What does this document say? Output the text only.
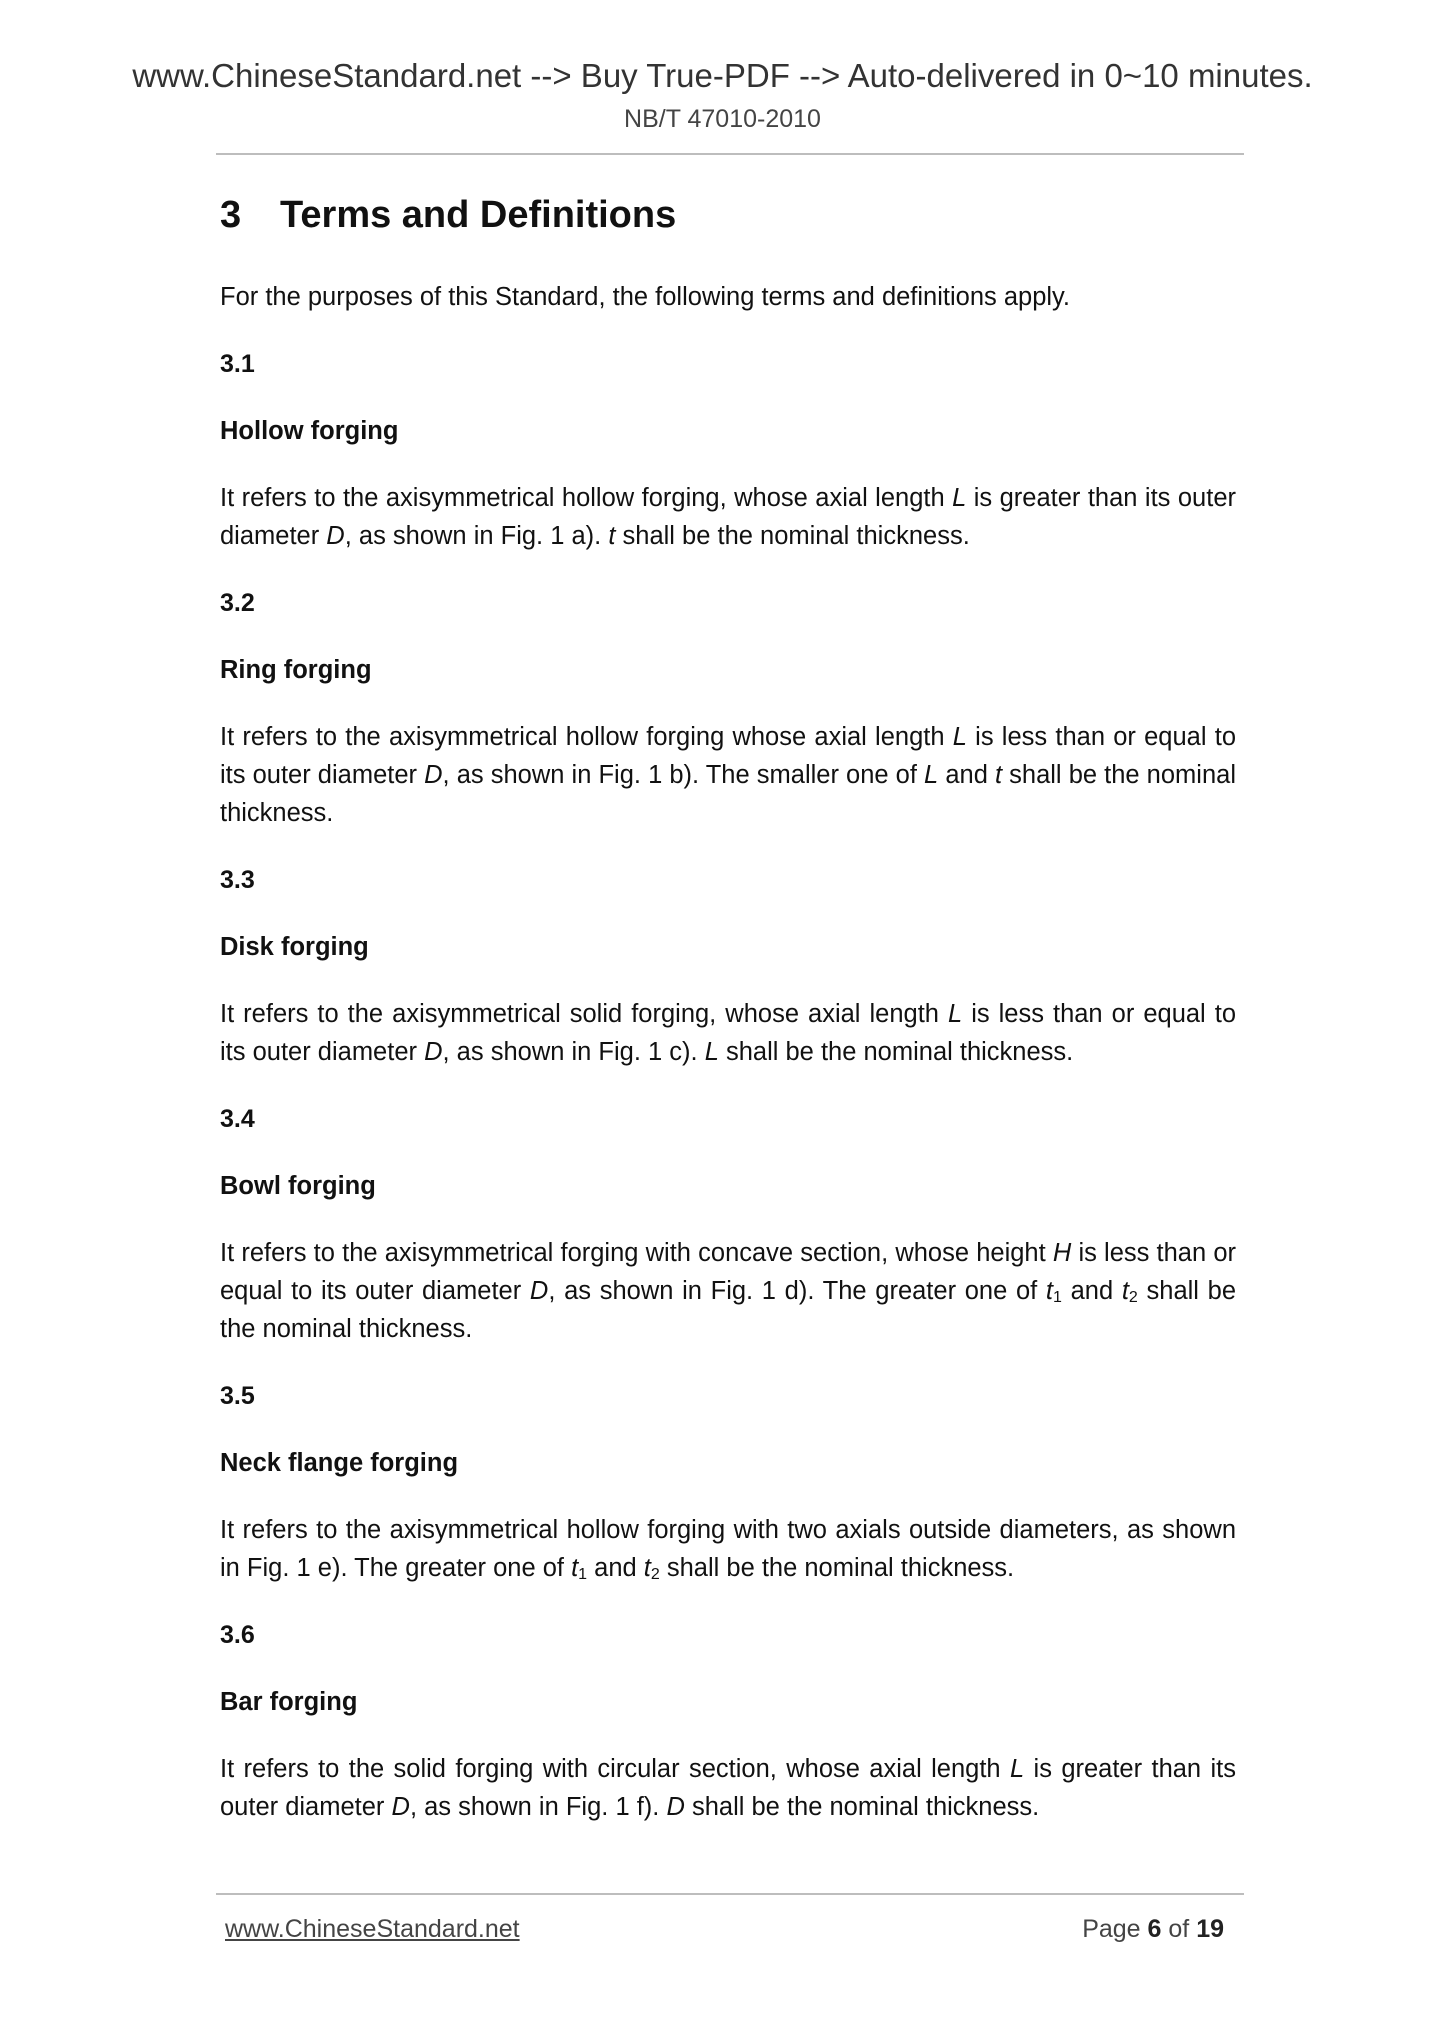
www.ChineseStandard.net --> Buy True-PDF --> Auto-delivered in 0~10 minutes.
NB/T 47010-2010
3 Terms and Definitions

For the purposes of this Standard, the following terms and definitions apply.

3.1
Hollow forging

It refers to the axisymmetrical hollow forging, whose axial length L is greater than its outer diameter D, as shown in Fig. 1 a). t shall be the nominal thickness.

3.2
Ring forging

It refers to the axisymmetrical hollow forging whose axial length L is less than or equal to its outer diameter D, as shown in Fig. 1 b). The smaller one of L and t shall be the nominal thickness.

3.3
Disk forging

It refers to the axisymmetrical solid forging, whose axial length L is less than or equal to its outer diameter D, as shown in Fig. 1 c). L shall be the nominal thickness.

3.4
Bowl forging

It refers to the axisymmetrical forging with concave section, whose height H is less than or equal to its outer diameter D, as shown in Fig. 1 d). The greater one of $t_1$ and $t_2$ shall be the nominal thickness.

3.5
Neck flange forging

It refers to the axisymmetrical hollow forging with two axials outside diameters, as shown in Fig. 1 e). The greater one of $t_1$ and $t_2$ shall be the nominal thickness.

3.6
Bar forging

It refers to the solid forging with circular section, whose axial length L is greater than its outer diameter D, as shown in Fig. 1 f). D shall be the nominal thickness.

www.ChineseStandard.net	Page 6 of 19
